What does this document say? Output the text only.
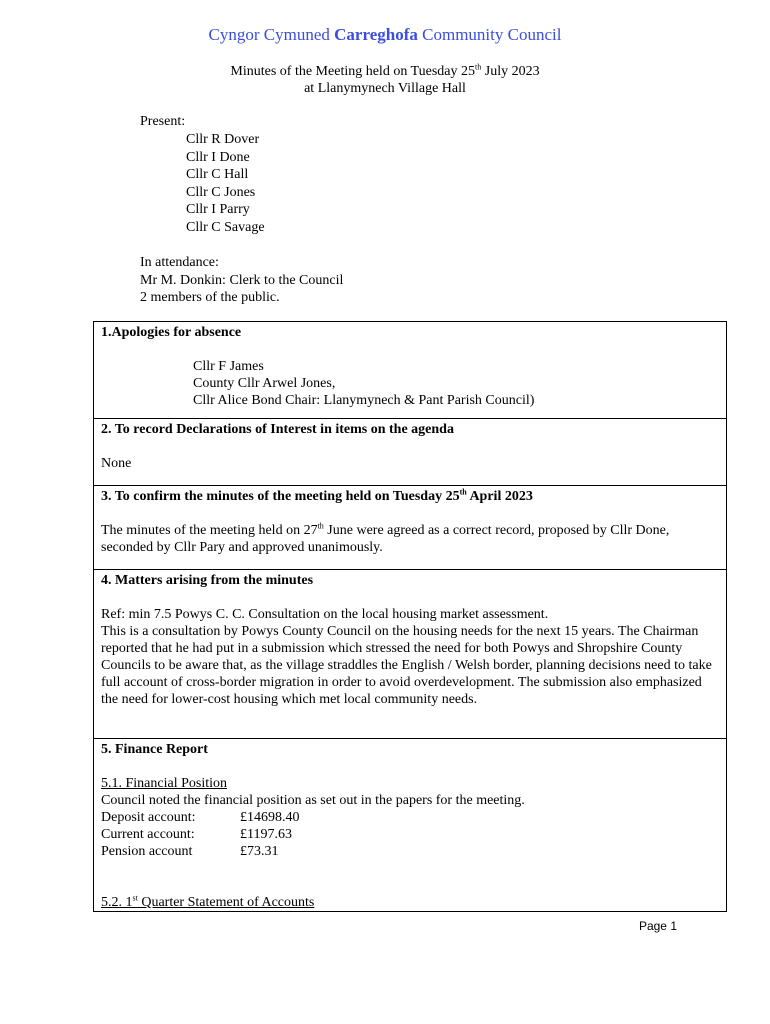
Cyngor Cymuned Carreghofa Community Council
Minutes of the Meeting held on Tuesday 25th July 2023
at Llanymynech Village Hall
Present:
Cllr R Dover
Cllr I Done
Cllr C Hall
Cllr C Jones
Cllr I Parry
Cllr C Savage
In attendance:
Mr M. Donkin: Clerk to the Council
2 members of the public.
1.Apologies for absence
Cllr F James
County Cllr Arwel Jones,
Cllr Alice Bond Chair: Llanymynech & Pant Parish Council)

2. To record Declarations of Interest in items on the agenda
None

3. To confirm the minutes of the meeting held on Tuesday 25th April 2023
The minutes of the meeting held on 27th June were agreed as a correct record, proposed by Cllr Done, seconded by Cllr Pary and approved unanimously.

4. Matters arising from the minutes
Ref: min 7.5 Powys C. C. Consultation on the local housing market assessment.
This is a consultation by Powys County Council on the housing needs for the next 15 years. The Chairman reported that he had put in a submission which stressed the need for both Powys and Shropshire County Councils to be aware that, as the village straddles the English / Welsh border, planning decisions need to take full account of cross-border migration in order to avoid overdevelopment. The submission also emphasized the need for lower-cost housing which met local community needs.

5. Finance Report
5.1. Financial Position
Council noted the financial position as set out in the papers for the meeting.
Deposit account:	£14698.40
Current account:	£1197.63
Pension account	£73.31
5.2. 1st Quarter Statement of Accounts
Page 1
